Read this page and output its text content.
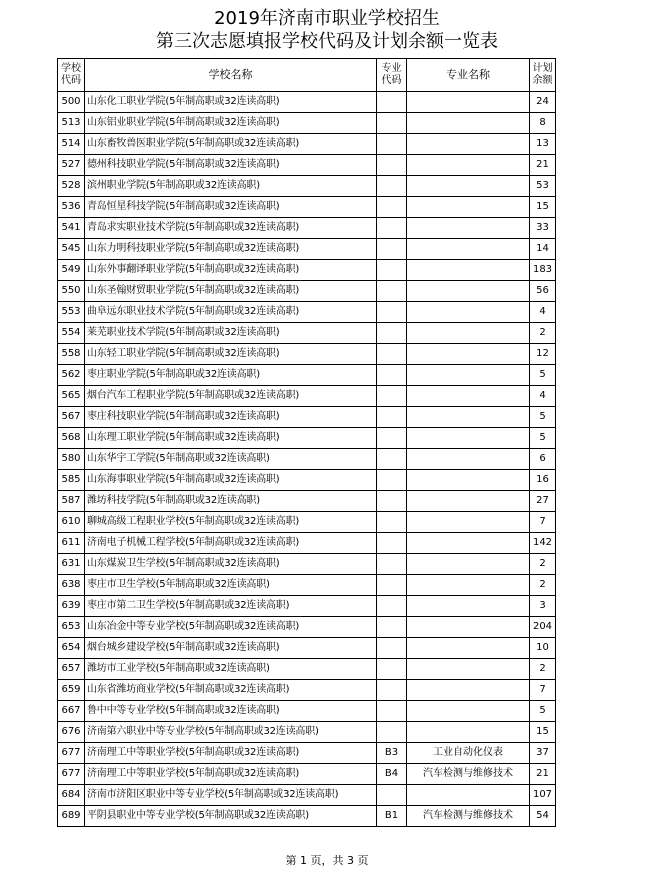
2019年济南市职业学校招生
第三次志愿填报学校代码及计划余额一览表
学校代码	学校名称	专业代码	专业名称	计划余额
500	山东化工职业学院(5年制高职或32连读高职)			24
513	山东铝业职业学院(5年制高职或32连读高职)			8
514	山东畜牧兽医职业学院(5年制高职或32连读高职)			13
527	德州科技职业学院(5年制高职或32连读高职)			21
528	滨州职业学院(5年制高职或32连读高职)			53
536	青岛恒星科技学院(5年制高职或32连读高职)			15
541	青岛求实职业技术学院(5年制高职或32连读高职)			33
545	山东力明科技职业学院(5年制高职或32连读高职)			14
549	山东外事翻译职业学院(5年制高职或32连读高职)			183
550	山东圣翰财贸职业学院(5年制高职或32连读高职)			56
553	曲阜远东职业技术学院(5年制高职或32连读高职)			4
554	莱芜职业技术学院(5年制高职或32连读高职)			2
558	山东轻工职业学院(5年制高职或32连读高职)			12
562	枣庄职业学院(5年制高职或32连读高职)			5
565	烟台汽车工程职业学院(5年制高职或32连读高职)			4
567	枣庄科技职业学院(5年制高职或32连读高职)			5
568	山东理工职业学院(5年制高职或32连读高职)			5
580	山东华宇工学院(5年制高职或32连读高职)			6
585	山东海事职业学院(5年制高职或32连读高职)			16
587	潍坊科技学院(5年制高职或32连读高职)			27
610	聊城高级工程职业学校(5年制高职或32连读高职)			7
611	济南电子机械工程学校(5年制高职或32连读高职)			142
631	山东煤炭卫生学校(5年制高职或32连读高职)			2
638	枣庄市卫生学校(5年制高职或32连读高职)			2
639	枣庄市第二卫生学校(5年制高职或32连读高职)			3
653	山东冶金中等专业学校(5年制高职或32连读高职)			204
654	烟台城乡建设学校(5年制高职或32连读高职)			10
657	潍坊市工业学校(5年制高职或32连读高职)			2
659	山东省潍坊商业学校(5年制高职或32连读高职)			7
667	鲁中中等专业学校(5年制高职或32连读高职)			5
676	济南第六职业中等专业学校(5年制高职或32连读高职)			15
677	济南理工中等职业学校(5年制高职或32连读高职)	B3	工业自动化仪表	37
677	济南理工中等职业学校(5年制高职或32连读高职)	B4	汽车检测与维修技术	21
684	济南市济阳区职业中等专业学校(5年制高职或32连读高职)			107
689	平阴县职业中等专业学校(5年制高职或32连读高职)	B1	汽车检测与维修技术	54
第 1 页，共 3 页
